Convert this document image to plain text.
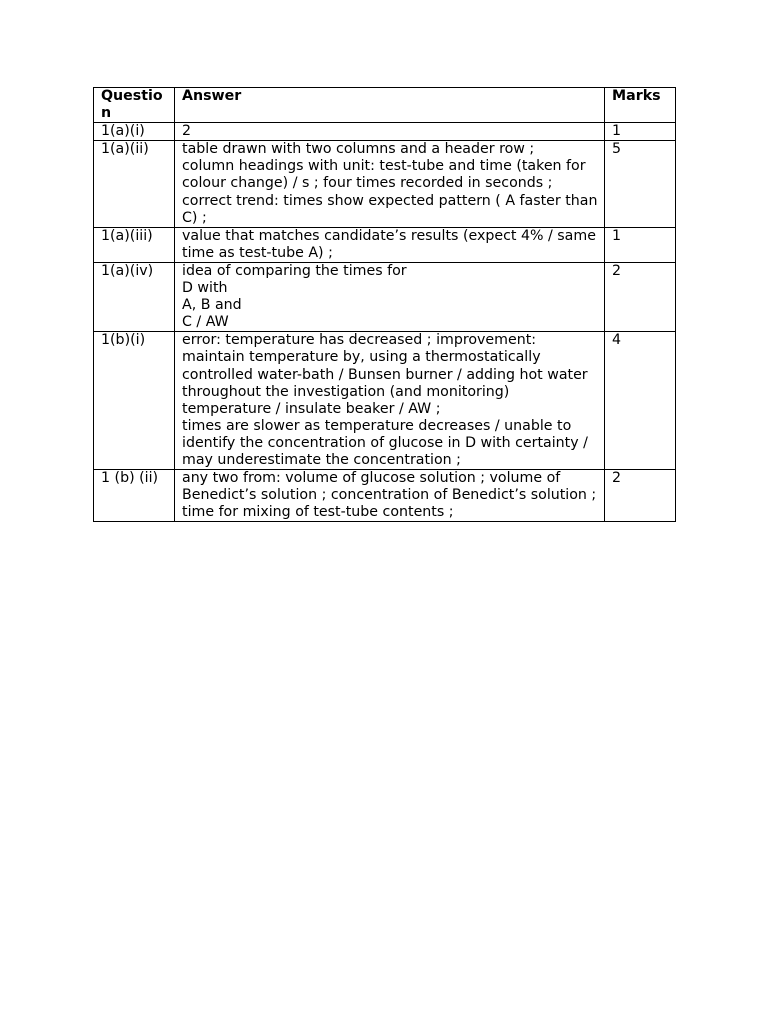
Question	Answer	Marks
1(a)(i)	2	1
1(a)(ii)	table drawn with two columns and a header row ;
column headings with unit: test-tube and time (taken for colour change) / s ; four times recorded in seconds ; correct trend: times show expected pattern ( A faster than C) ;	5
1(a)(iii)	value that matches candidate’s results (expect 4% / same time as test-tube A) ;	1
1(a)(iv)	idea of comparing the times for
D with
A, B and
C / AW	2
1(b)(i)	error: temperature has decreased ; improvement: maintain temperature by, using a thermostatically controlled water-bath / Bunsen burner / adding hot water throughout the investigation (and monitoring) temperature / insulate beaker / AW ;
times are slower as temperature decreases / unable to identify the concentration of glucose in D with certainty / may underestimate the concentration ;	4
1 (b) (ii)	any two from: volume of glucose solution ; volume of Benedict’s solution ; concentration of Benedict’s solution ; time for mixing of test-tube contents ;	2
